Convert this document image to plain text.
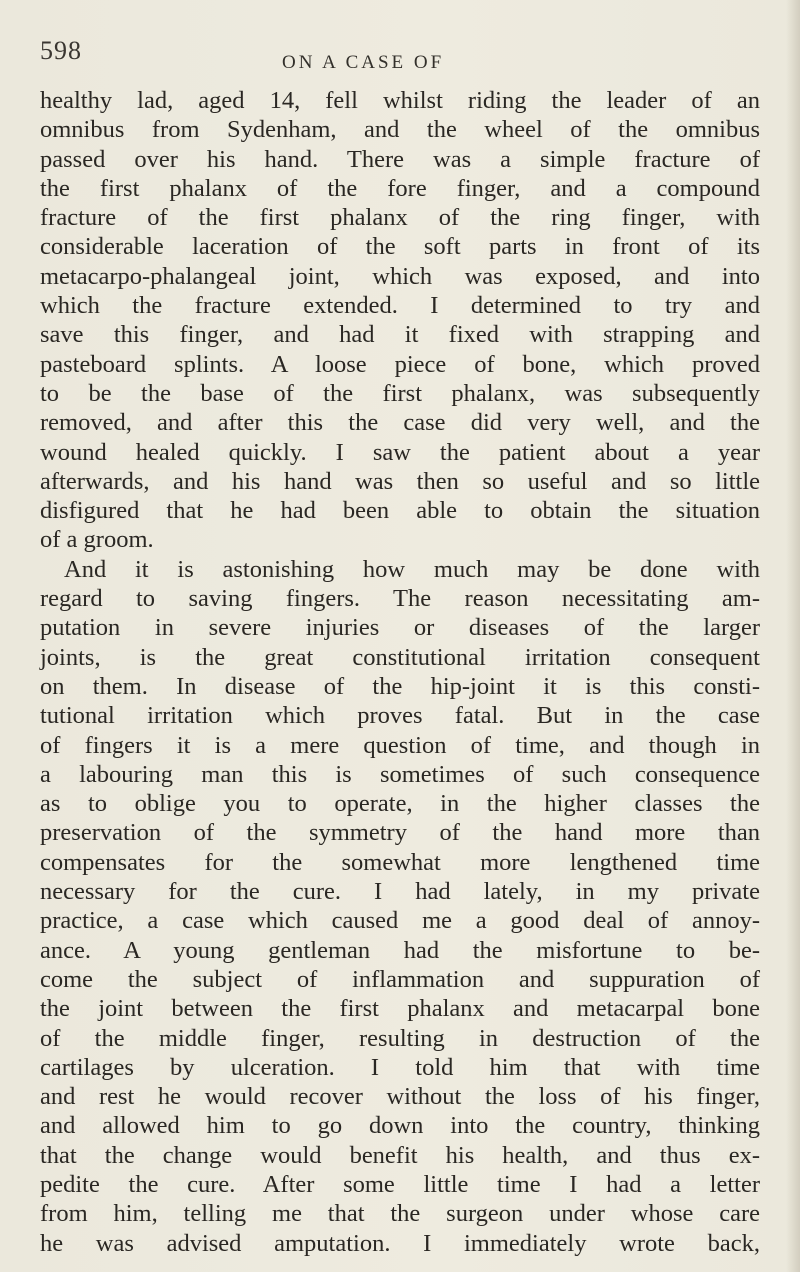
598	ON A CASE OF
healthy lad, aged 14, fell whilst riding the leader of an
omnibus from Sydenham, and the wheel of the omnibus
passed over his hand. There was a simple fracture of
the first phalanx of the fore finger, and a compound
fracture of the first phalanx of the ring finger, with
considerable laceration of the soft parts in front of its
metacarpo-phalangeal joint, which was exposed, and into
which the fracture extended. I determined to try and
save this finger, and had it fixed with strapping and
pasteboard splints. A loose piece of bone, which proved
to be the base of the first phalanx, was subsequently
removed, and after this the case did very well, and the
wound healed quickly. I saw the patient about a year
afterwards, and his hand was then so useful and so little
disfigured that he had been able to obtain the situation
of a groom.
And it is astonishing how much may be done with
regard to saving fingers. The reason necessitating am-
putation in severe injuries or diseases of the larger
joints, is the great constitutional irritation consequent
on them. In disease of the hip-joint it is this consti-
tutional irritation which proves fatal. But in the case
of fingers it is a mere question of time, and though in
a labouring man this is sometimes of such consequence
as to oblige you to operate, in the higher classes the
preservation of the symmetry of the hand more than
compensates for the somewhat more lengthened time
necessary for the cure. I had lately, in my private
practice, a case which caused me a good deal of annoy-
ance. A young gentleman had the misfortune to be-
come the subject of inflammation and suppuration of
the joint between the first phalanx and metacarpal bone
of the middle finger, resulting in destruction of the
cartilages by ulceration. I told him that with time
and rest he would recover without the loss of his finger,
and allowed him to go down into the country, thinking
that the change would benefit his health, and thus ex-
pedite the cure. After some little time I had a letter
from him, telling me that the surgeon under whose care
he was advised amputation. I immediately wrote back,
